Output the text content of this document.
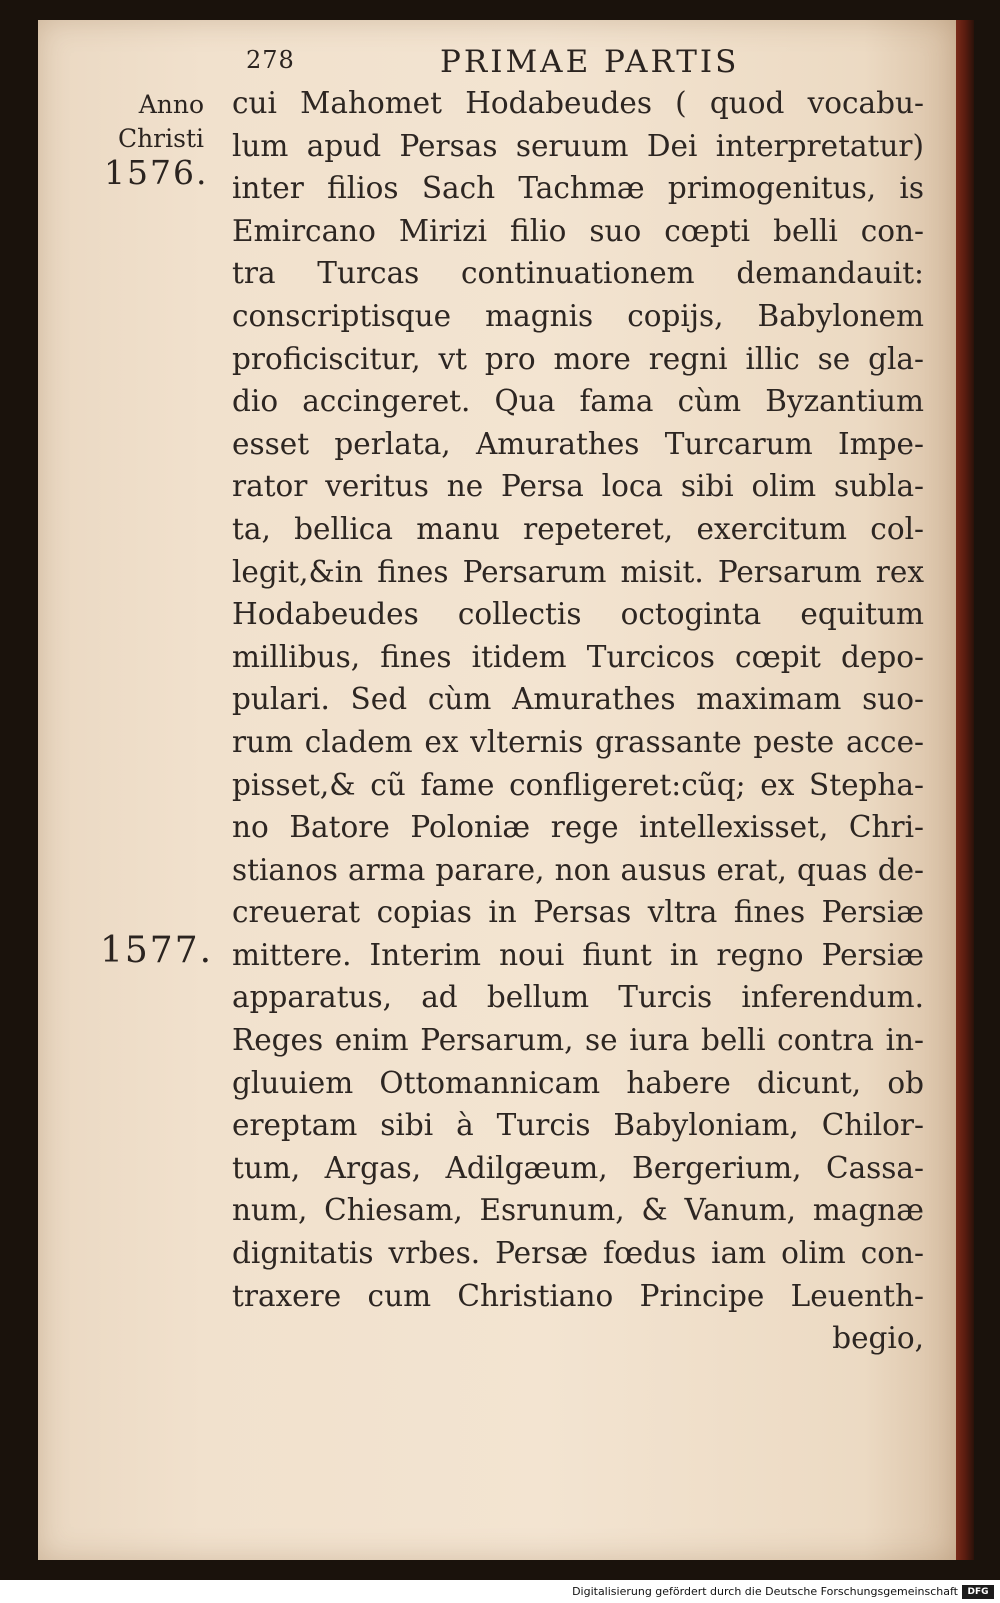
278	PRIMAE PARTIS
Anno
Christi
1576.
1577.
cui Mahomet Hodabeudes ( quod vocabu-
lum apud Persas seruum Dei interpretatur)
inter filios Sach Tachmæ primogenitus, is
Emircano Mirizi filio suo cœpti belli con-
tra Turcas continuationem demandauit:
conscriptisque magnis copijs, Babylonem
proficiscitur, vt pro more regni illic se gla-
dio accingeret. Qua fama cùm Byzantium
esset perlata, Amurathes Turcarum Impe-
rator veritus ne Persa loca sibi olim subla-
ta, bellica manu repeteret, exercitum col-
legit,&in fines Persarum misit. Persarum rex
Hodabeudes collectis octoginta equitum
millibus, fines itidem Turcicos cœpit depo-
pulari. Sed cùm Amurathes maximam suo-
rum cladem ex vlternis grassante peste acce-
pisset,& cũ fame confligeret:cũq; ex Stepha-
no Batore Poloniæ rege intellexisset, Chri-
stianos arma parare, non ausus erat, quas de-
creuerat copias in Persas vltra fines Persiæ
mittere. Interim noui fiunt in regno Persiæ
apparatus, ad bellum Turcis inferendum.
Reges enim Persarum, se iura belli contra in-
gluuiem Ottomannicam habere dicunt, ob
ereptam sibi à Turcis Babyloniam, Chilor-
tum, Argas, Adilgæum, Bergerium, Cassa-
num, Chiesam, Esrunum, & Vanum, magnæ
dignitatis vrbes. Persæ fœdus iam olim con-
traxere cum Christiano Principe Leuenth-
begio,
Digitalisierung gefördert durch die Deutsche Forschungsgemeinschaft	DFG
